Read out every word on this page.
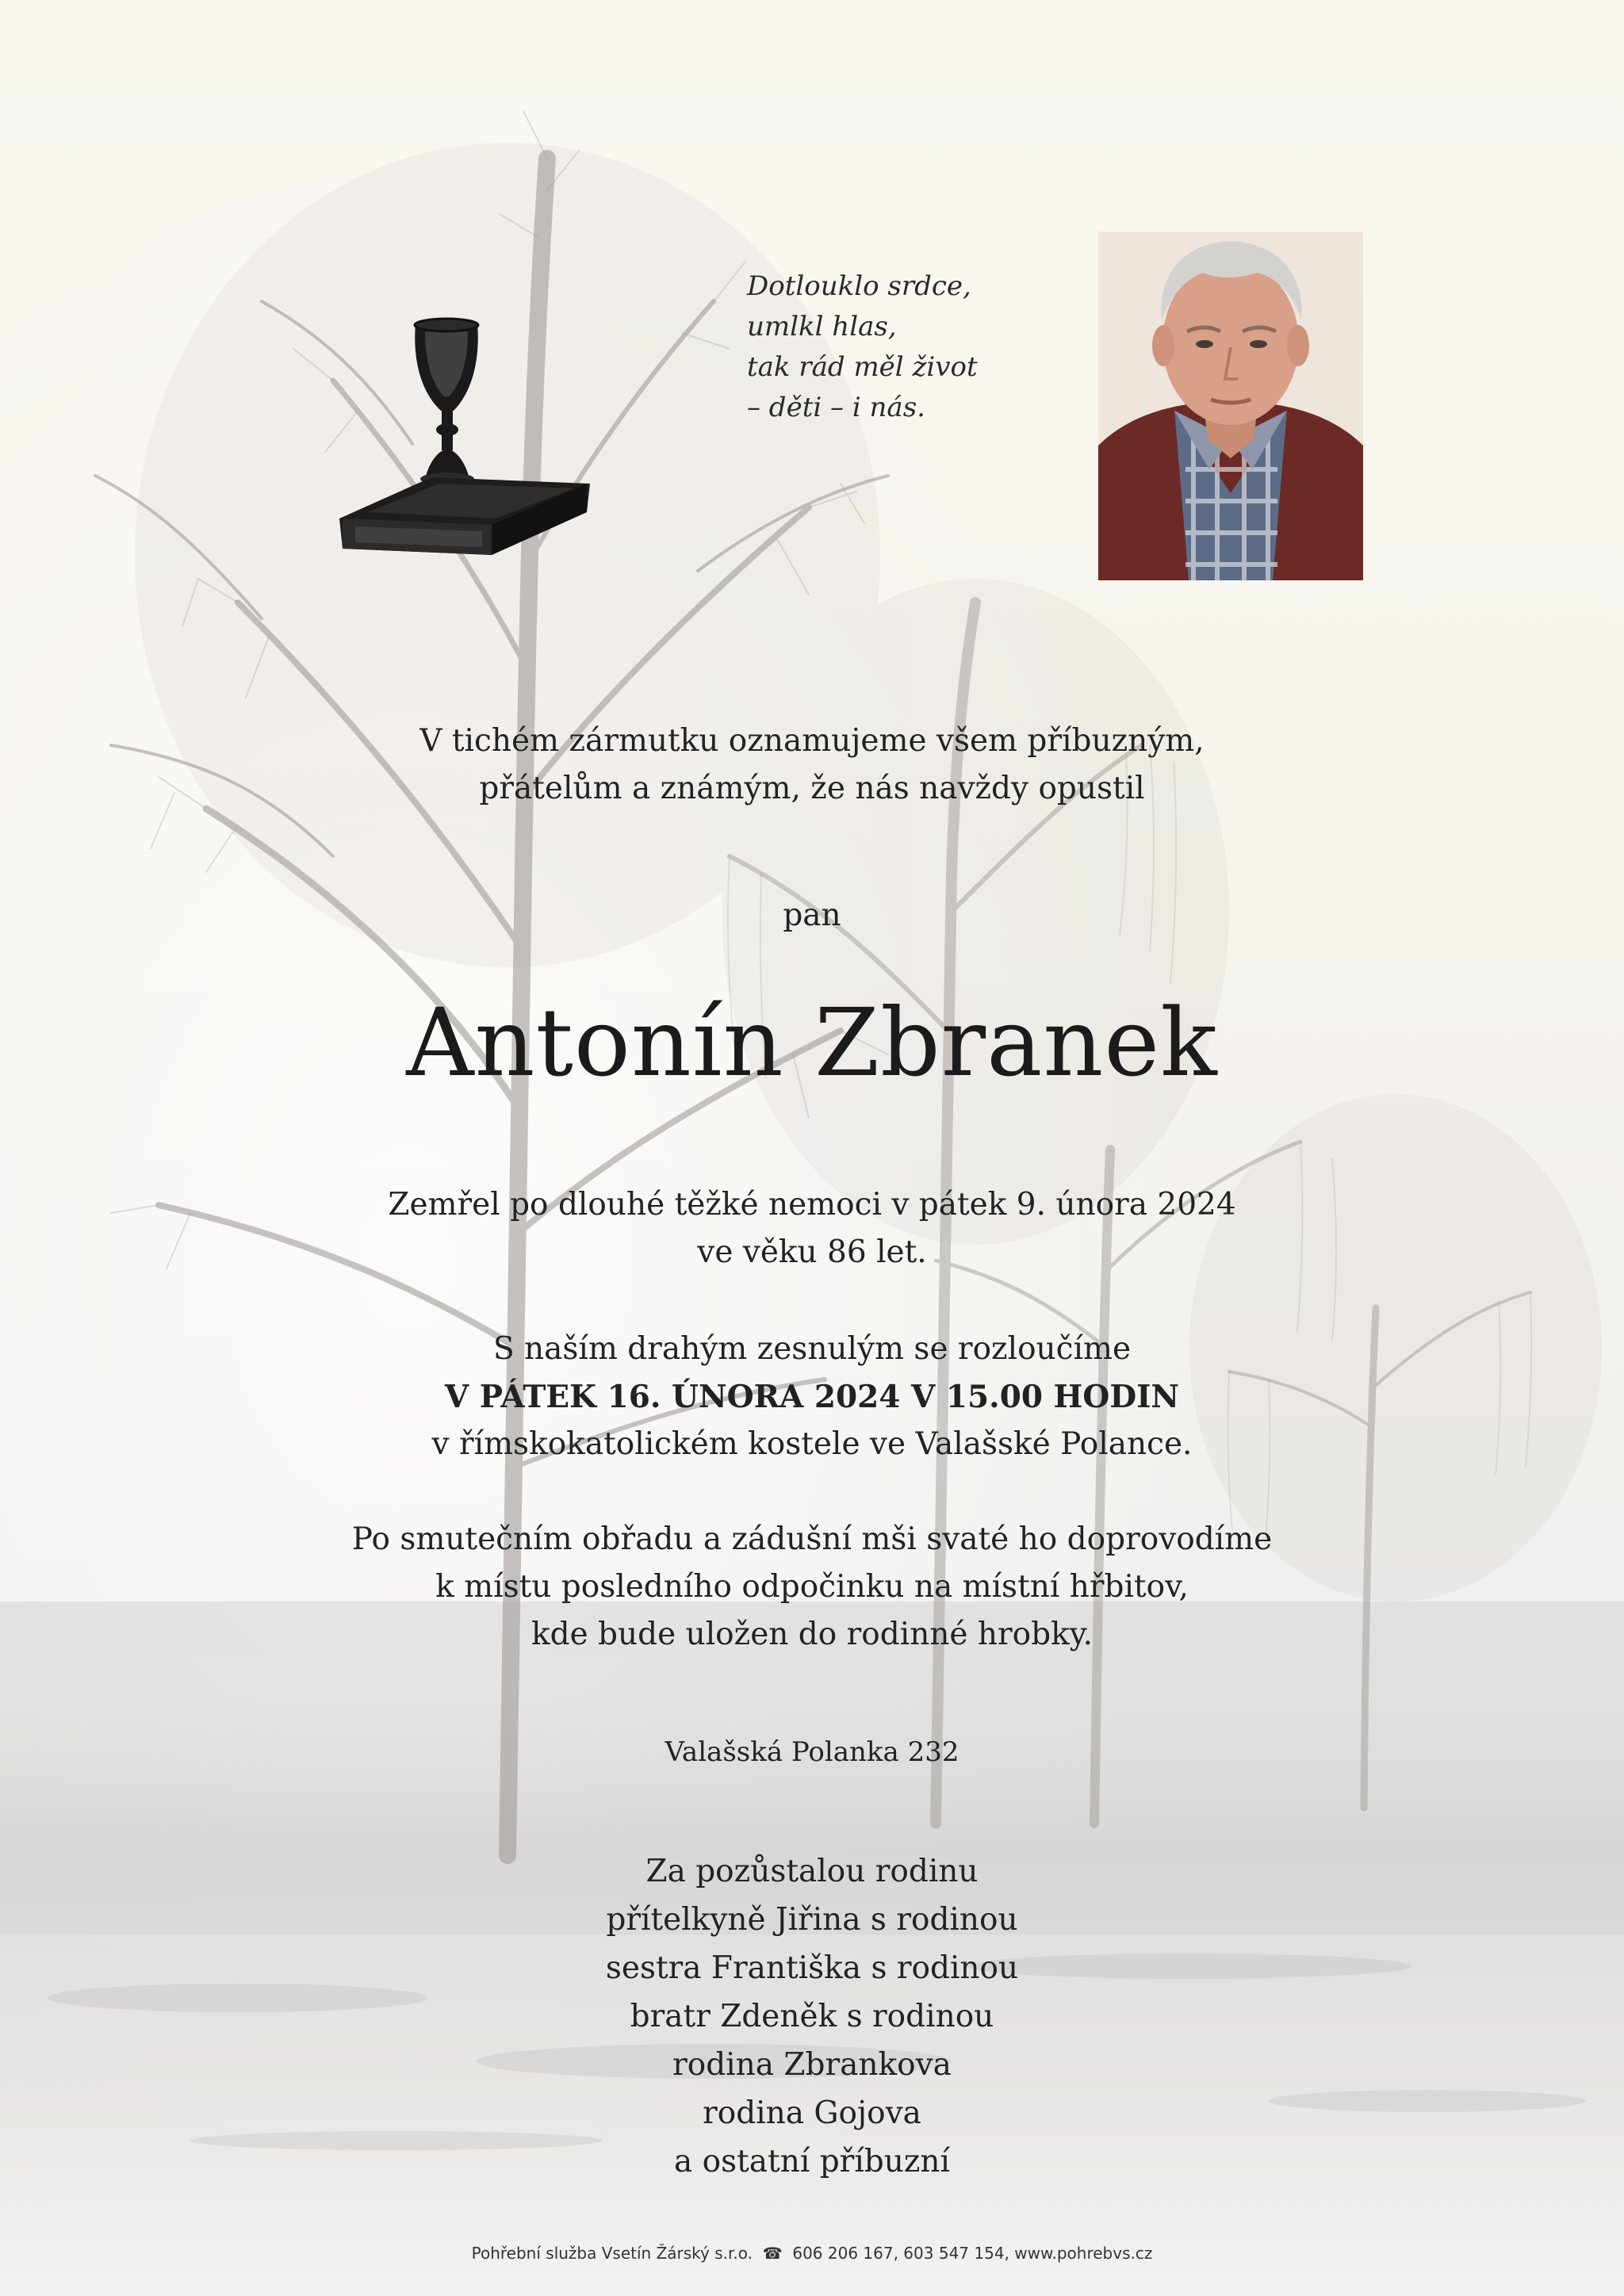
Dotlouklo srdce,
umlkl hlas,
tak rád měl život
– děti – i nás.
V tichém zármutku oznamujeme všem příbuzným,
přátelům a známým, že nás navždy opustil
pan
Antonín Zbranek
Zemřel po dlouhé těžké nemoci v pátek 9. února 2024
ve věku 86 let.
S naším drahým zesnulým se rozloučíme
V PÁTEK 16. ÚNORA 2024 V 15.00 HODIN
v římskokatolickém kostele ve Valašské Polance.
Po smutečním obřadu a zádušní mši svaté ho doprovodíme
k místu posledního odpočinku na místní hřbitov,
kde bude uložen do rodinné hrobky.
Valašská Polanka 232
Za pozůstalou rodinu
přítelkyně Jiřina s rodinou
sestra Františka s rodinou
bratr Zdeněk s rodinou
rodina Zbrankova
rodina Gojova
a ostatní příbuzní
Pohřební služba Vsetín Žárský s.r.o.  ☎  606 206 167, 603 547 154, www.pohrebvs.cz
